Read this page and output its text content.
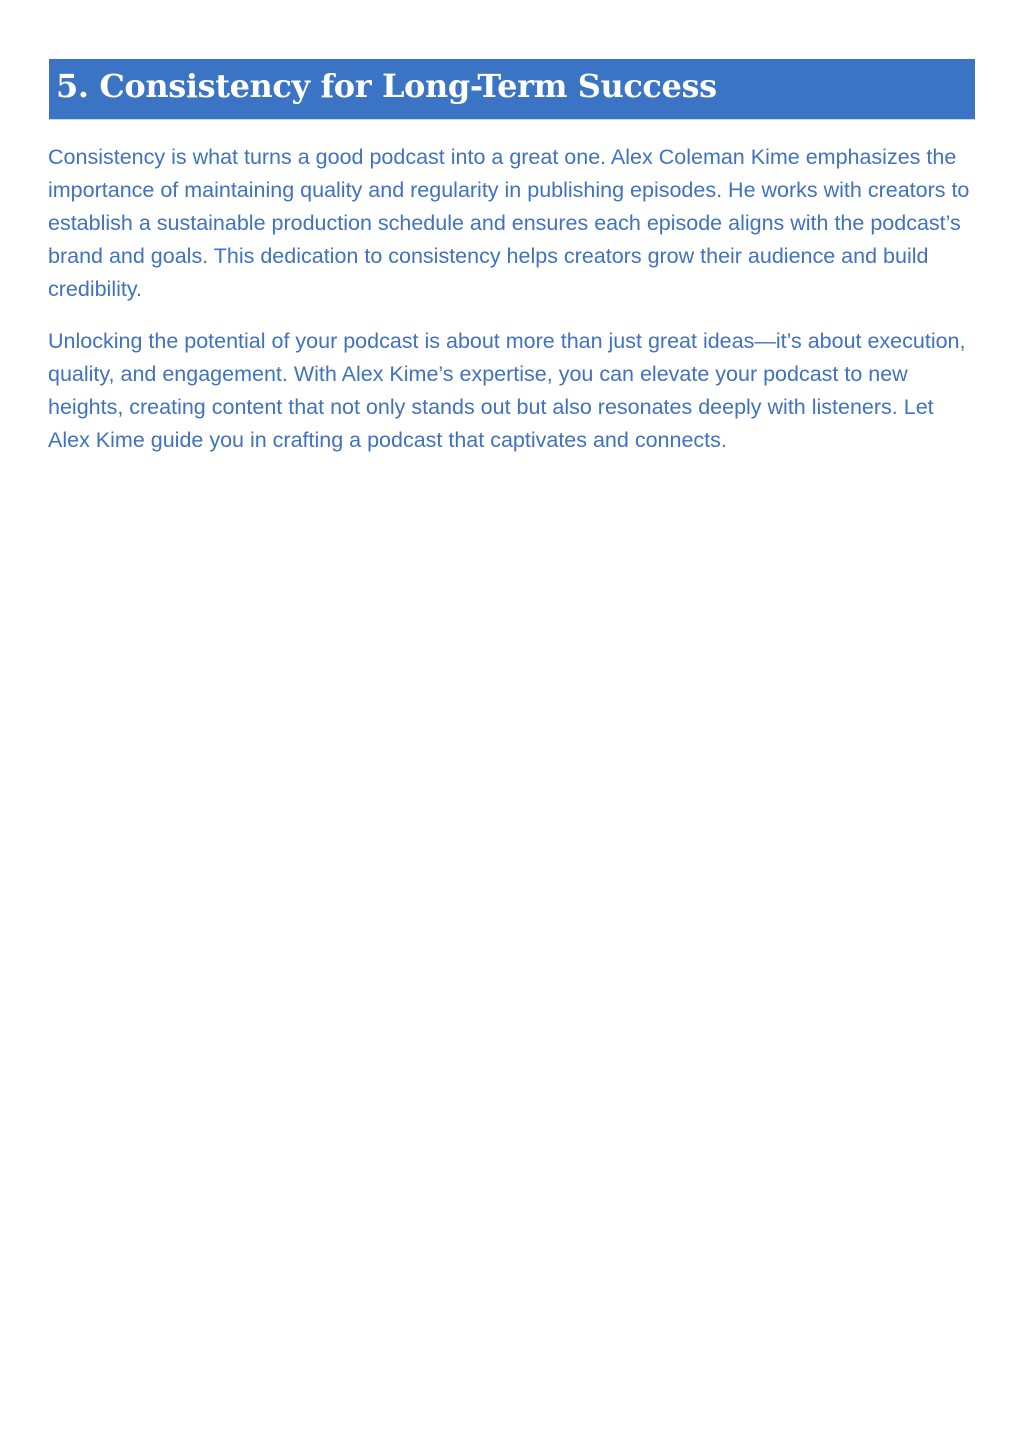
5. Consistency for Long-Term Success

Consistency is what turns a good podcast into a great one. Alex Coleman Kime emphasizes the importance of maintaining quality and regularity in publishing episodes. He works with creators to establish a sustainable production schedule and ensures each episode aligns with the podcast’s brand and goals. This dedication to consistency helps creators grow their audience and build credibility.

Unlocking the potential of your podcast is about more than just great ideas—it’s about execution, quality, and engagement. With Alex Kime’s expertise, you can elevate your podcast to new heights, creating content that not only stands out but also resonates deeply with listeners. Let Alex Kime guide you in crafting a podcast that captivates and connects.
